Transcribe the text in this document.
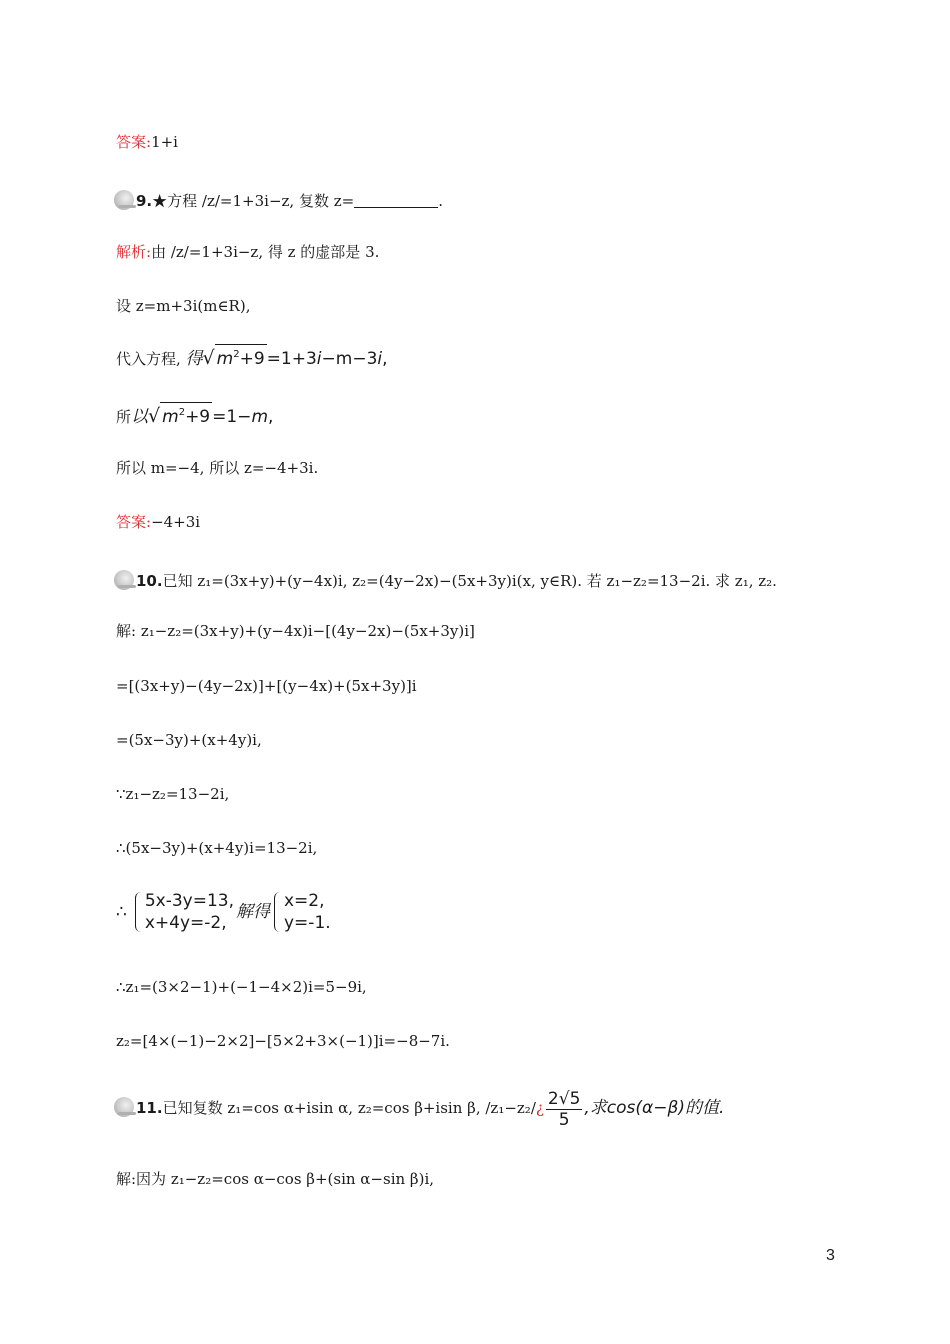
答案:1+i
9.★方程 /z/=1+3i−z, 复数 z=	.
解析:由 /z/=1+3i−z, 得 z 的虚部是 3.
设 z=m+3i(m∈R),
代入方程, 得√ $m^2+9 =1+3i-m-3i$,
所以√ $m^2+9 =1-m$,
所以 m=−4, 所以 z=−4+3i.
答案:−4+3i
10.已知 z₁=(3x+y)+(y−4x)i, z₂=(4y−2x)−(5x+3y)i(x, y∈R). 若 z₁−z₂=13−2i. 求 z₁, z₂.
解: z₁−z₂=(3x+y)+(y−4x)i−[(4y−2x)−(5x+3y)i]
=[(3x+y)−(4y−2x)]+[(y−4x)+(5x+3y)]i
=(5x−3y)+(x+4y)i,
∵z₁−z₂=13−2i,
∴(5x−3y)+(x+4y)i=13−2i,
∴
5x-3y=13,
x+4y=-2,
解得
x=2,
y=-1.
∴z₁=(3×2−1)+(−1−4×2)i=5−9i,
z₂=[4×(−1)−2×2]−[5×2+3×(−1)]i=−8−7i.
11.已知复数 z₁=cos α+isin α, z₂=cos β+isin β, /z₁−z₂/¿ $\frac{2√5}{5}$ ,求cos(α−β)的值.
解:因为 z₁−z₂=cos α−cos β+(sin α−sin β)i,
3
